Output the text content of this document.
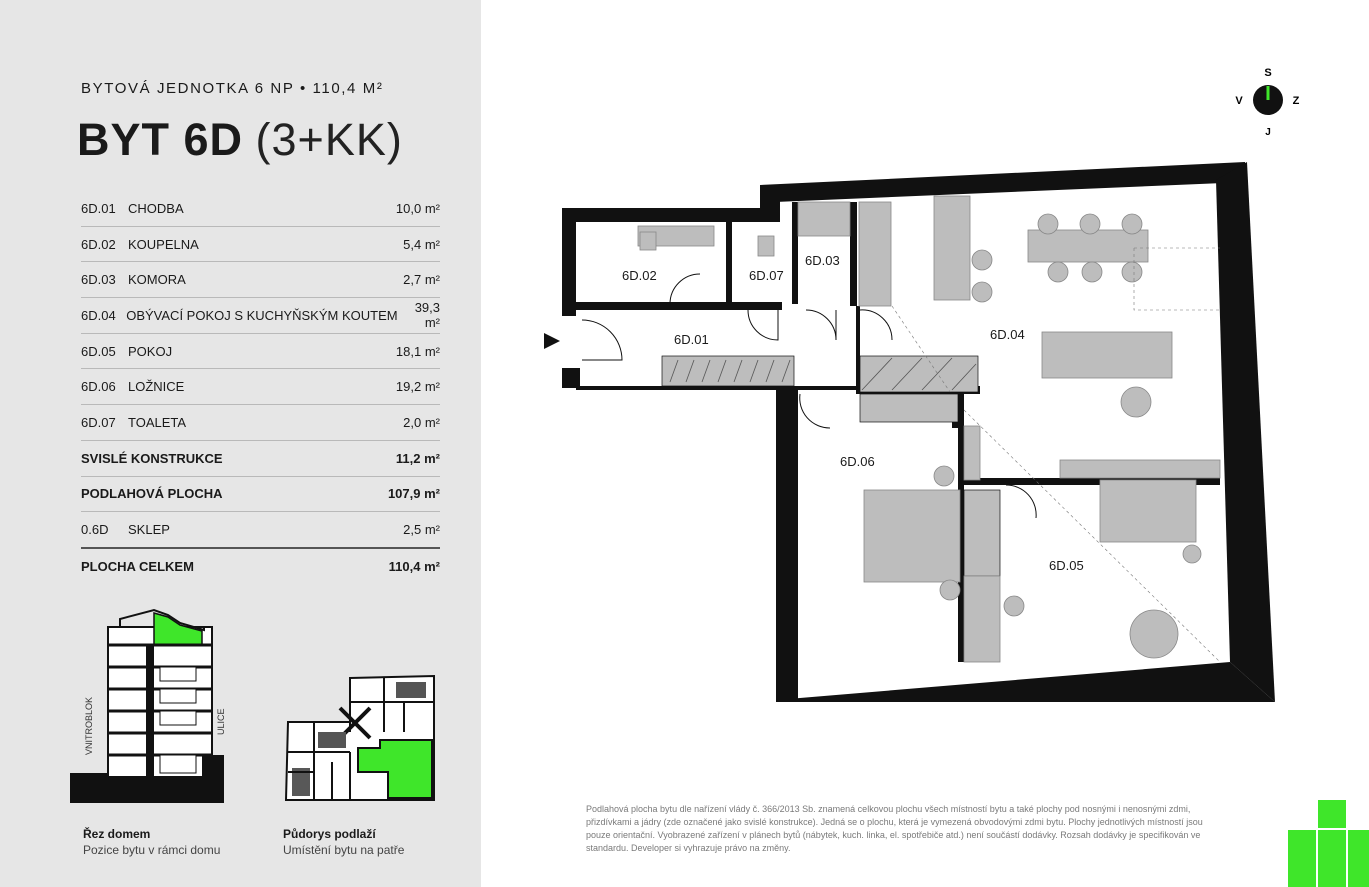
BYTOVÁ JEDNOTKA 6 NP • 110,4 M²
BYT 6D (3+KK)
6D.01 CHODBA	10,0 m²
6D.02 KOUPELNA	5,4 m²
6D.03 KOMORA	2,7 m²
6D.04 OBÝVACÍ POKOJ S KUCHYŇSKÝM KOUTEM	39,3 m²
6D.05 POKOJ	18,1 m²
6D.06 LOŽNICE	19,2 m²
6D.07 TOALETA	2,0 m²
SVISLÉ KONSTRUKCE	11,2 m²
PODLAHOVÁ PLOCHA	107,9 m²
0.6D	SKLEP	2,5 m²
PLOCHA CELKEM	110,4 m²
VNITROBLOK	ULICE
Řez domem
Pozice bytu v rámci domu
Půdorys podlaží
Umístění bytu na patře
S
V	Z
J
6D.02	6D.07
6D.03
6D.01	6D.04
6D.06
6D.05
Podlahová plocha bytu dle nařízení vlády č. 366/2013 Sb. znamená celkovou plochu všech místností bytu a také plochy pod nosnými i nenosnými zdmi, přizdívkami a jádry (zde označené jako svislé konstrukce). Jedná se o plochu, která je vymezená obvodovými zdmi bytu. Plochy jednotlivých místností jsou pouze orientační. Vyobrazené zařízení v plánech bytů (nábytek, kuch. linka, el. spotřebiče atd.) není součástí dodávky. Rozsah dodávky je specifikován ve standardu. Developer si vyhrazuje právo na změny.
